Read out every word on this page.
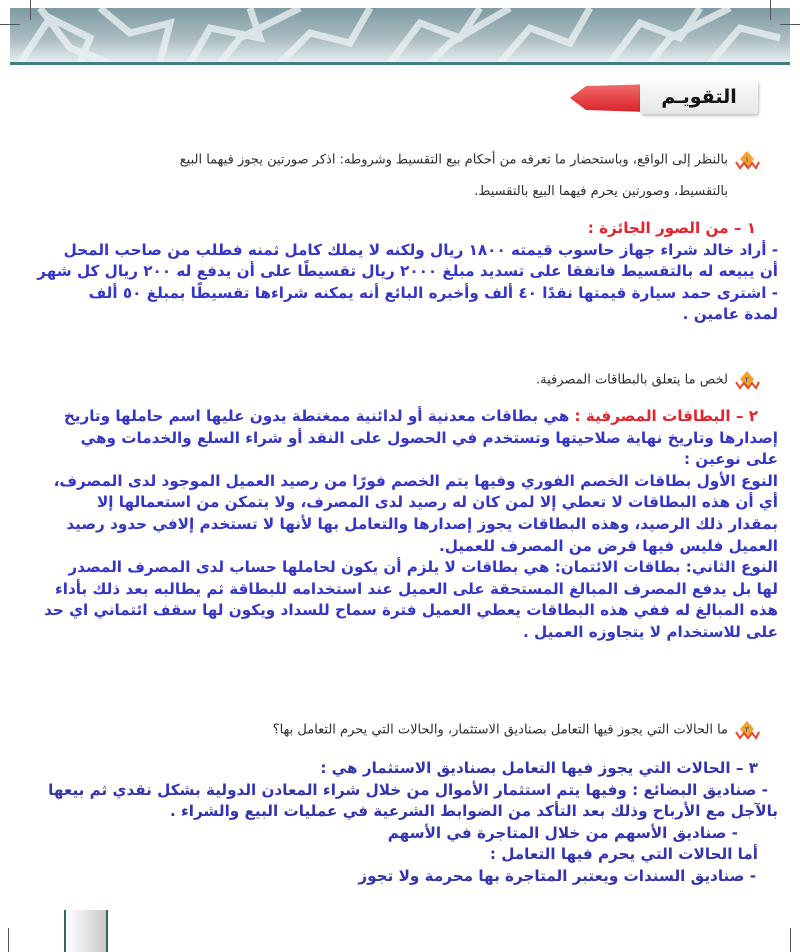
التقويـم
١
بالنظر إلى الواقع، وباستحضار ما تعرفه من أحكام بيع التقسيط وشروطه: اذكر صورتين يجوز فيهما البيع
بالتقسيط، وصورتين يحرم فيهما البيع بالتقسيط.
١ – من الصور الجائزة :
- أراد خالد شراء جهاز حاسوب قيمته ١٨٠٠ ريال ولكنه لا يملك كامل ثمنه فطلب من صاحب المحل
أن يبيعه له بالتقسيط فاتفقا على تسديد مبلغ ٢٠٠٠ ريال تقسيطًا على أن يدفع له ٢٠٠ ريال كل شهر
- اشترى حمد سيارة قيمتها نقدًا ٤٠ ألف وأخبره البائع أنه يمكنه شراءها تقسيطًا بمبلغ ٥٠ ألف
لمدة عامين .
٢
لخص ما يتعلق بالبطاقات المصرفية.
٢ – البطاقات المصرفية : هي بطاقات معدنية أو لدائنية ممغنطة يدون عليها اسم حاملها وتاريخ
إصدارها وتاريخ نهاية صلاحيتها وتستخدم في الحصول على النقد أو شراء السلع والخدمات وهي
على نوعين :
النوع الأول بطاقات الخصم الفوري وفيها يتم الخصم فورًا من رصيد العميل الموجود لدى المصرف،
أي أن هذه البطاقات لا تعطي إلا لمن كان له رصيد لدى المصرف، ولا يتمكن من استعمالها إلا
بمقدار ذلك الرصيد، وهذه البطاقات يجوز إصدارها والتعامل بها لأنها لا تستخدم إلافي حدود رصيد
العميل فليس فيها قرض من المصرف للعميل.
النوع الثاني: بطاقات الائتمان: هي بطاقات لا يلزم أن يكون لحاملها حساب لدى المصرف المصدر
لها بل يدفع المصرف المبالغ المستحقة على العميل عند استخدامه للبطاقة ثم يطالبه بعد ذلك بأداء
هذه المبالغ له ففي هذه البطاقات يعطي العميل فترة سماح للسداد ويكون لها سقف ائتماني اي حد
على للاستخدام لا يتجاوزه العميل .
٣
ما الحالات التي يجوز فيها التعامل بصناديق الاستثمار، والحالات التي يحرم التعامل بها؟
٣ – الحالات التي يجوز فيها التعامل بصناديق الاستثمار هي :
- صناديق البضائع : وفيها يتم استثمار الأموال من خلال شراء المعادن الدولية بشكل نقدي ثم بيعها
بالآجل مع الأرباح وذلك بعد التأكد من الضوابط الشرعية في عمليات البيع والشراء .
- صناديق الأسهم من خلال المتاجرة في الأسهم
أما الحالات التي يحرم فيها التعامل :
- صناديق السندات ويعتبر المتاجرة بها محرمة ولا تجوز
